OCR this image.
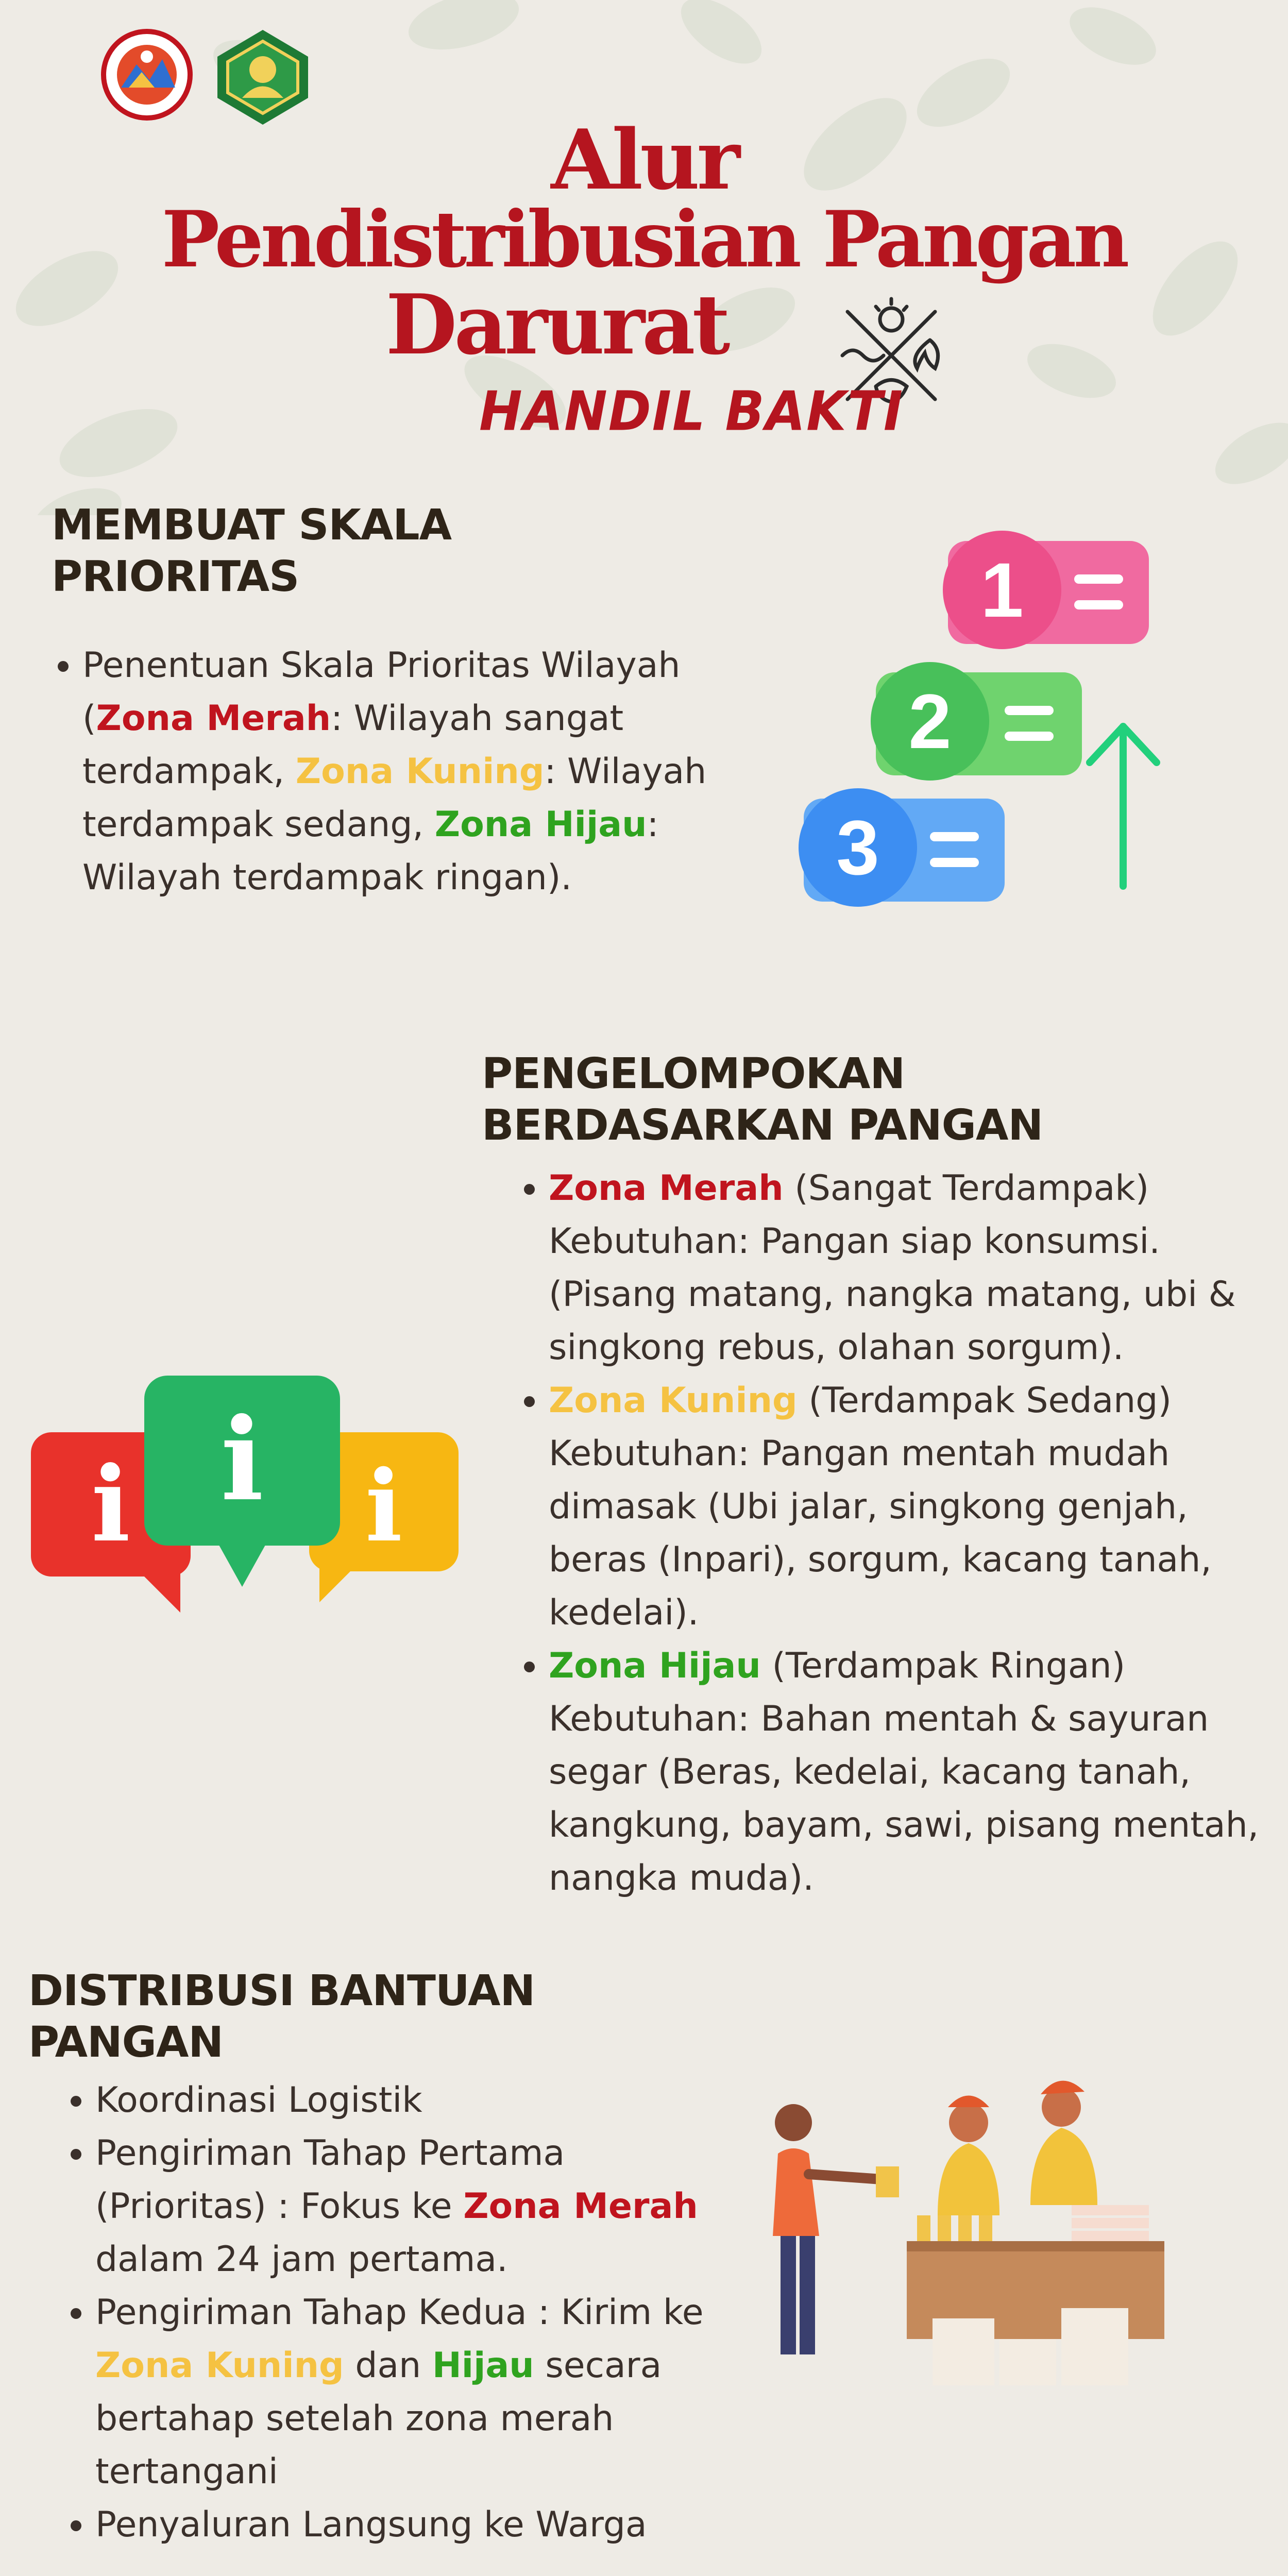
Alur
Pendistribusian Pangan
Darurat
HANDIL BAKTI
MEMBUAT SKALA
PRIORITAS
• Penentuan Skala Prioritas Wilayah (Zona Merah: Wilayah sangat terdampak, Zona Kuning: Wilayah terdampak sedang, Zona Hijau: Wilayah terdampak ringan).
1
2
3
PENGELOMPOKAN
BERDASARKAN PANGAN
• Zona Merah (Sangat Terdampak) Kebutuhan: Pangan siap konsumsi. (Pisang matang, nangka matang, ubi & singkong rebus, olahan sorgum).
• Zona Kuning (Terdampak Sedang) Kebutuhan: Pangan mentah mudah dimasak (Ubi jalar, singkong genjah, beras (Inpari), sorgum, kacang tanah, kedelai).
• Zona Hijau (Terdampak Ringan) Kebutuhan: Bahan mentah & sayuran segar (Beras, kedelai, kacang tanah, kangkung, bayam, sawi, pisang mentah, nangka muda).
i i i
DISTRIBUSI BANTUAN
PANGAN
• Koordinasi Logistik
• Pengiriman Tahap Pertama (Prioritas) : Fokus ke Zona Merah dalam 24 jam pertama.
• Pengiriman Tahap Kedua : Kirim ke Zona Kuning dan Hijau secara bertahap setelah zona merah tertangani
• Penyaluran Langsung ke Warga
